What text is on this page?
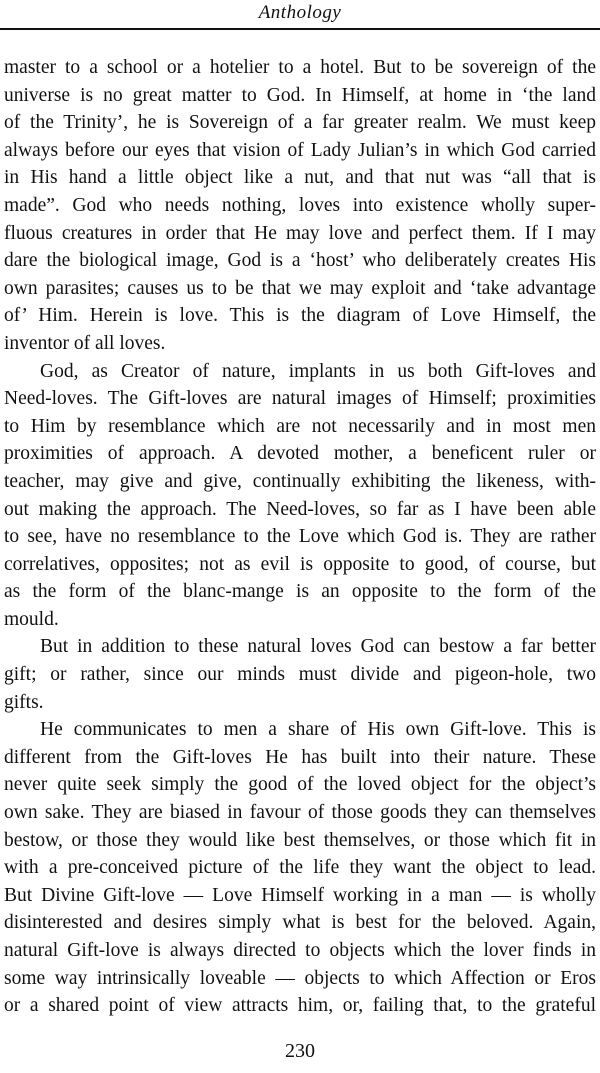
Anthology
master to a school or a hotelier to a hotel. But to be sovereign of the
universe is no great matter to God. In Himself, at home in ‘the land
of the Trinity’, he is Sovereign of a far greater realm. We must keep
always before our eyes that vision of Lady Julian’s in which God carried
in His hand a little object like a nut, and that nut was “all that is
made”. God who needs nothing, loves into existence wholly super-
fluous creatures in order that He may love and perfect them. If I may
dare the biological image, God is a ‘host’ who deliberately creates His
own parasites; causes us to be that we may exploit and ‘take advantage
of’ Him. Herein is love. This is the diagram of Love Himself, the
inventor of all loves.
God, as Creator of nature, implants in us both Gift-loves and
Need-loves. The Gift-loves are natural images of Himself; proximities
to Him by resemblance which are not necessarily and in most men
proximities of approach. A devoted mother, a beneficent ruler or
teacher, may give and give, continually exhibiting the likeness, with-
out making the approach. The Need-loves, so far as I have been able
to see, have no resemblance to the Love which God is. They are rather
correlatives, opposites; not as evil is opposite to good, of course, but
as the form of the blanc-mange is an opposite to the form of the
mould.
But in addition to these natural loves God can bestow a far better
gift; or rather, since our minds must divide and pigeon-hole, two
gifts.
He communicates to men a share of His own Gift-love. This is
different from the Gift-loves He has built into their nature. These
never quite seek simply the good of the loved object for the object’s
own sake. They are biased in favour of those goods they can themselves
bestow, or those they would like best themselves, or those which fit in
with a pre-conceived picture of the life they want the object to lead.
But Divine Gift-love — Love Himself working in a man — is wholly
disinterested and desires simply what is best for the beloved. Again,
natural Gift-love is always directed to objects which the lover finds in
some way intrinsically loveable — objects to which Affection or Eros
or a shared point of view attracts him, or, failing that, to the grateful
230
